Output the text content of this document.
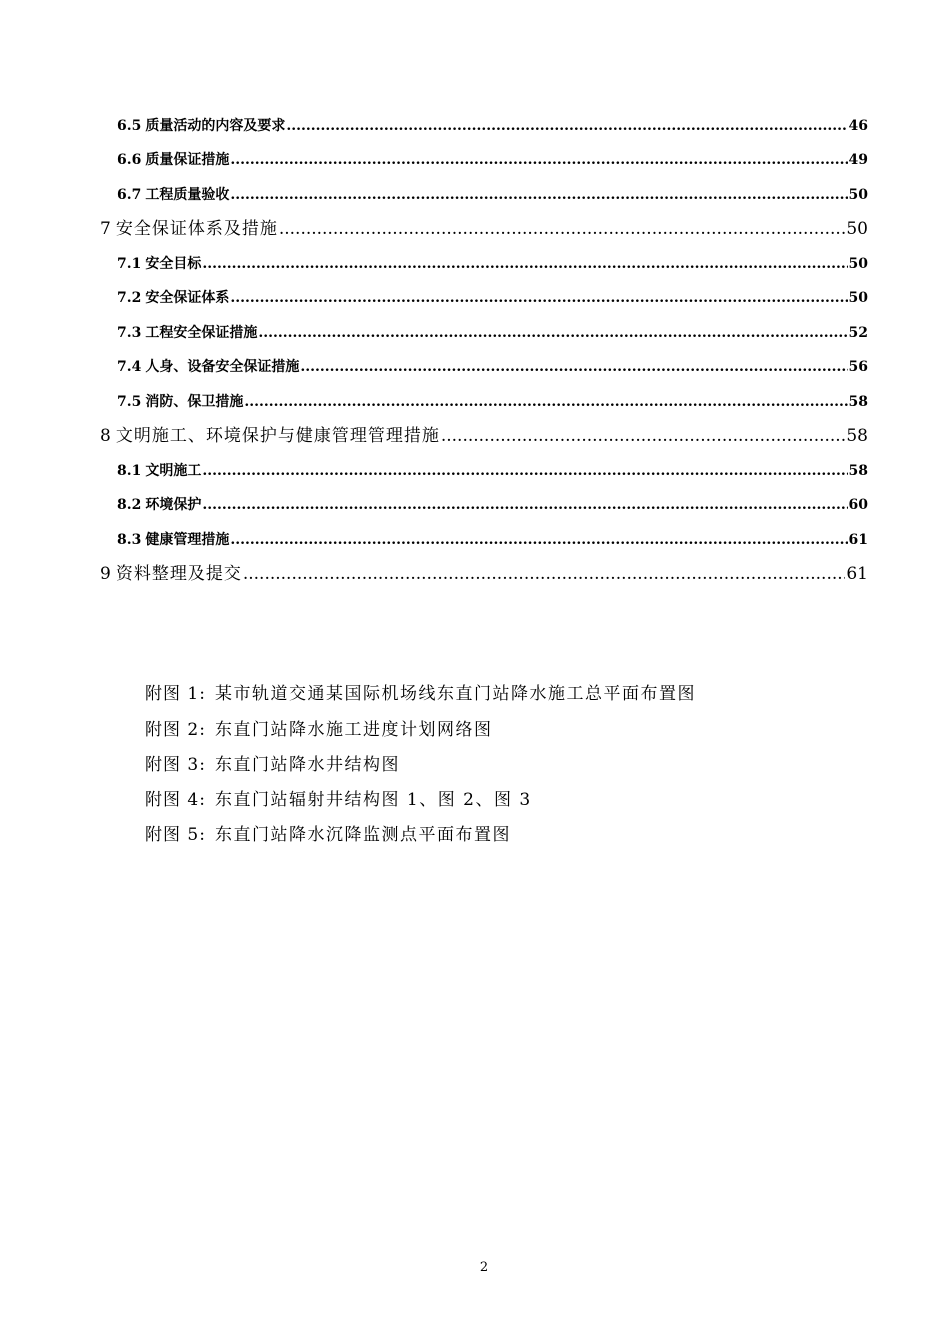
6.5 质量活动的内容及要求 .....	46
6.6 质量保证措施 .....	49
6.7 工程质量验收 .....	50
7 安全保证体系及措施 .....	50
7.1 安全目标 .....	50
7.2 安全保证体系 .....	50
7.3 工程安全保证措施 .....	52
7.4 人身、设备安全保证措施 .....	56
7.5 消防、保卫措施 .....	58
8 文明施工、环境保护与健康管理管理措施 .....	58
8.1 文明施工 .....	58
8.2 环境保护 .....	60
8.3 健康管理措施 .....	61
9 资料整理及提交 .....	61
附图 1: 某市轨道交通某国际机场线东直门站降水施工总平面布置图
附图 2: 东直门站降水施工进度计划网络图
附图 3: 东直门站降水井结构图
附图 4: 东直门站辐射井结构图 1、图 2、图 3
附图 5: 东直门站降水沉降监测点平面布置图
2
